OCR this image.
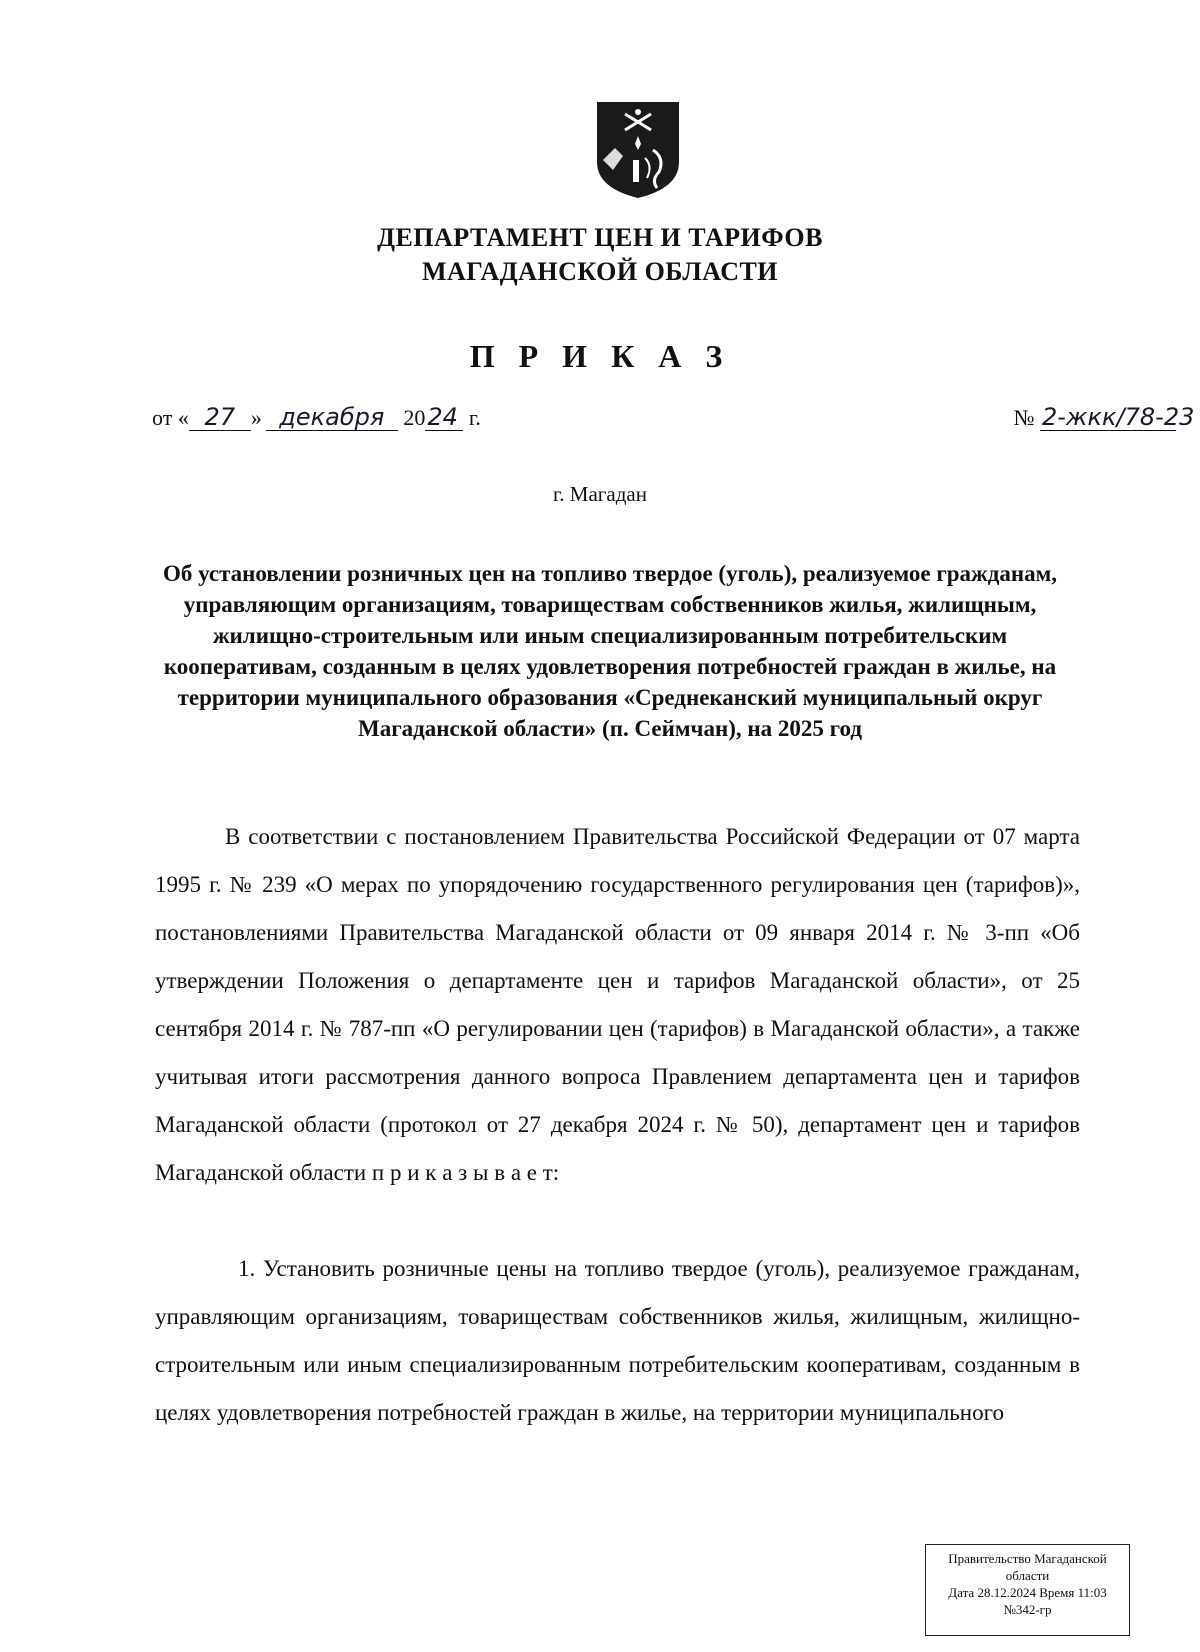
ДЕПАРТАМЕНТ ЦЕН И ТАРИФОВ
МАГАДАНСКОЙ ОБЛАСТИ
П Р И К А З
от « 27 » декабря 2024 г.	№ 2-жкк/78-23
г. Магадан
Об установлении розничных цен на топливо твердое (уголь), реализуемое гражданам, управляющим организациям, товариществам собственников жилья, жилищным, жилищно-строительным или иным специализированным потребительским кооперативам, созданным в целях удовлетворения потребностей граждан в жилье, на территории муниципального образования «Среднеканский муниципальный округ Магаданской области» (п. Сеймчан), на 2025 год

В соответствии с постановлением Правительства Российской Федерации от 07 марта 1995 г. № 239 «О мерах по упорядочению государственного регулирования цен (тарифов)», постановлениями Правительства Магаданской области от 09 января 2014 г. № 3-пп «Об утверждении Положения о департаменте цен и тарифов Магаданской области», от 25 сентября 2014 г. № 787-пп «О регулировании цен (тарифов) в Магаданской области», а также учитывая итоги рассмотрения данного вопроса Правлением департамента цен и тарифов Магаданской области (протокол от 27 декабря 2024 г. № 50), департамент цен и тарифов Магаданской области п р и к а з ы в а е т:

1. Установить розничные цены на топливо твердое (уголь), реализуемое гражданам, управляющим организациям, товариществам собственников жилья, жилищным, жилищно-строительным или иным специализированным потребительским кооперативам, созданным в целях удовлетворения потребностей граждан в жилье, на территории муниципального

Правительство Магаданской
области
Дата 28.12.2024 Время 11:03
№342-гр
